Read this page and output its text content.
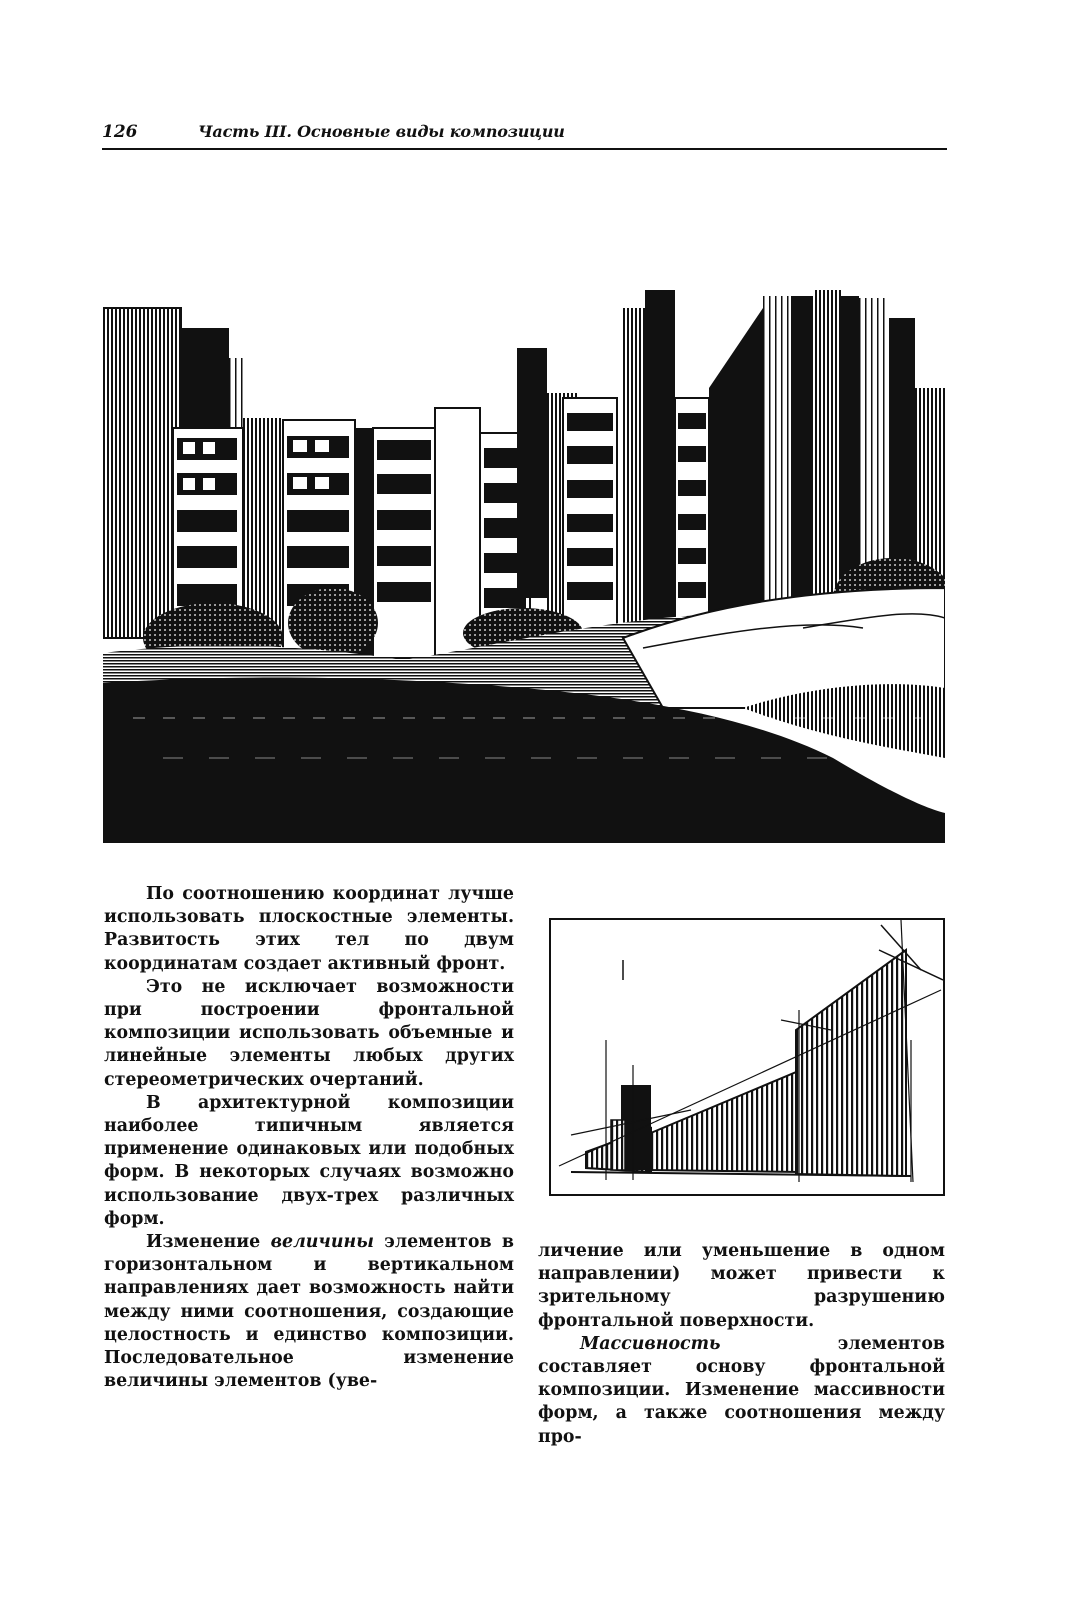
126	Часть III. Основные виды композиции

По соотношению координат лучше использовать плоскостные элементы. Развитость этих тел по двум координатам создает активный фронт.

Это не исключает возможности при построении фронтальной композиции использовать объемные и линейные элементы любых других стереометрических очертаний.

В архитектурной композиции наиболее типичным является применение одинаковых или подобных форм. В некоторых случаях возможно использование двух-трех различных форм.

Изменение величины элементов в горизонтальном и вертикальном направлениях дает возможность найти между ними соотношения, создающие целостность и единство композиции. Последовательное изменение величины элементов (уве-

личение или уменьшение в одном направлении) может привести к зрительному разрушению фронтальной поверхности.

Массивность элементов составляет основу фронтальной композиции. Изменение массивности форм, а также соотношения между про-
